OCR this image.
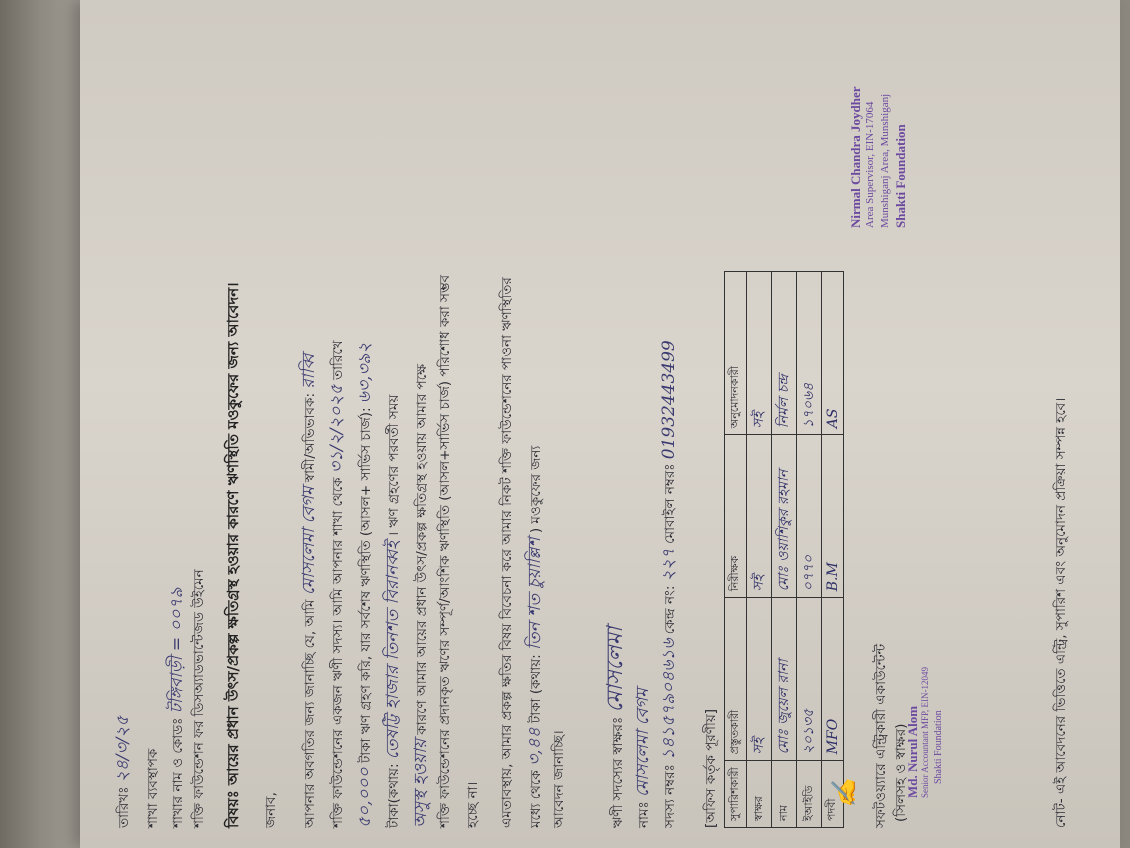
তারিখঃ ২৪/৩/২৫ শাখা ব্যবস্থাপক শাখার নাম ও কোডঃ টঙ্গিবাড়ী = ০০৭৯ শক্তি ফাউন্ডেশন ফর ডিসঅ্যাডভান্টেজড উইমেন বিষয়ঃ আয়ের প্রধান উৎস/প্রকল্প ক্ষতিগ্রস্থ হওয়ার কারণে ঋণস্থিতি মওকুফের জন্য আবেদন।	জনাব,	আপনার অবগতির জন্য জানাচ্ছি যে, আমি মোসলেমা বেগম স্বামী/অভিভাবক: রাব্বি
শক্তি ফাউন্ডেশনের একজন ঋণী সদস্য। আমি আপনার শাখা থেকে ৩১/২/২০২৫ তারিখে
৫০,০০০ টাকা ঋণ গ্রহণ করি, যার সর্বশেষ ঋণস্থিতি (আসল+ সার্ভিস চার্জ): ৬৩,৩৯২
টাকা(কথায়: তেষট্টি হাজার তিনশত বিরানব্বই । ঋণ গ্রহণের পরবর্তী সময়
অসুস্থ হওয়ায় কারণে আমার আয়ের প্রধান উৎস/প্রকল্প ক্ষতিগ্রস্থ হওয়ায় আমার পক্ষে শক্তি ফাউন্ডেশনের প্রদানকৃত ঋণের সম্পূর্ণ/আংশিক ঋণস্থিতি (আসল+সার্ভিস চার্জ) পরিশোধ করা সম্ভব হচ্ছে না। এমতাবস্থায়, আমার প্রকল্প ক্ষতির বিষয় বিবেচনা করে আমার নিকট শক্তি ফাউন্ডেশনের পাওনা ঋণস্থিতির মধ্যে থেকে ৩,৪৪ টাকা (কথায়: তিন শত চুয়াল্লিশ ) মওকুফের জন্য
আবেদন জানাচ্ছি।	ঋণী সদস্যের স্বাক্ষরঃ মোসলেমা
নামঃ মোসলেমা বেগম সদস্য নম্বরঃ ১৪১৫৭৯০৪৬১৬ কেন্দ্র নং: ২২৭ মোবাইল নম্বরঃ 01932443499
[অফিস কর্তৃক পূরণীয়] সুপারিশকারী	প্রস্তুতকারী	নিরীক্ষক	অনুমোদনকারী
স্বাক্ষর	সই	সই	সই
নাম	মোঃ জুয়েল রানা	মোঃ ওয়াশিকুর রহমান	নির্মল চন্দ্র
ইআইডি	২০১৩৫	০৭৭০	১৭০৬৪
পদবী	MFO	B.M	AS
Nirmal Chandra Joydher Area Supervisor, EIN-17064 Munshiganj Area, Munshiganj Shakti Foundation
✍ সফটওয়্যারে এন্ট্রিকারী একাউন্টেন্ট (সিলসহ ও স্বাক্ষর)
Md. Nurul Alom Senior Accountant MFP, EIN-12049 Shakti Foundation	নোট- এই আবেদনের ভিত্তিতে এন্ট্রি, সুপারিশ এবং অনুমোদন প্রক্রিয়া সম্পন্ন হবে।
